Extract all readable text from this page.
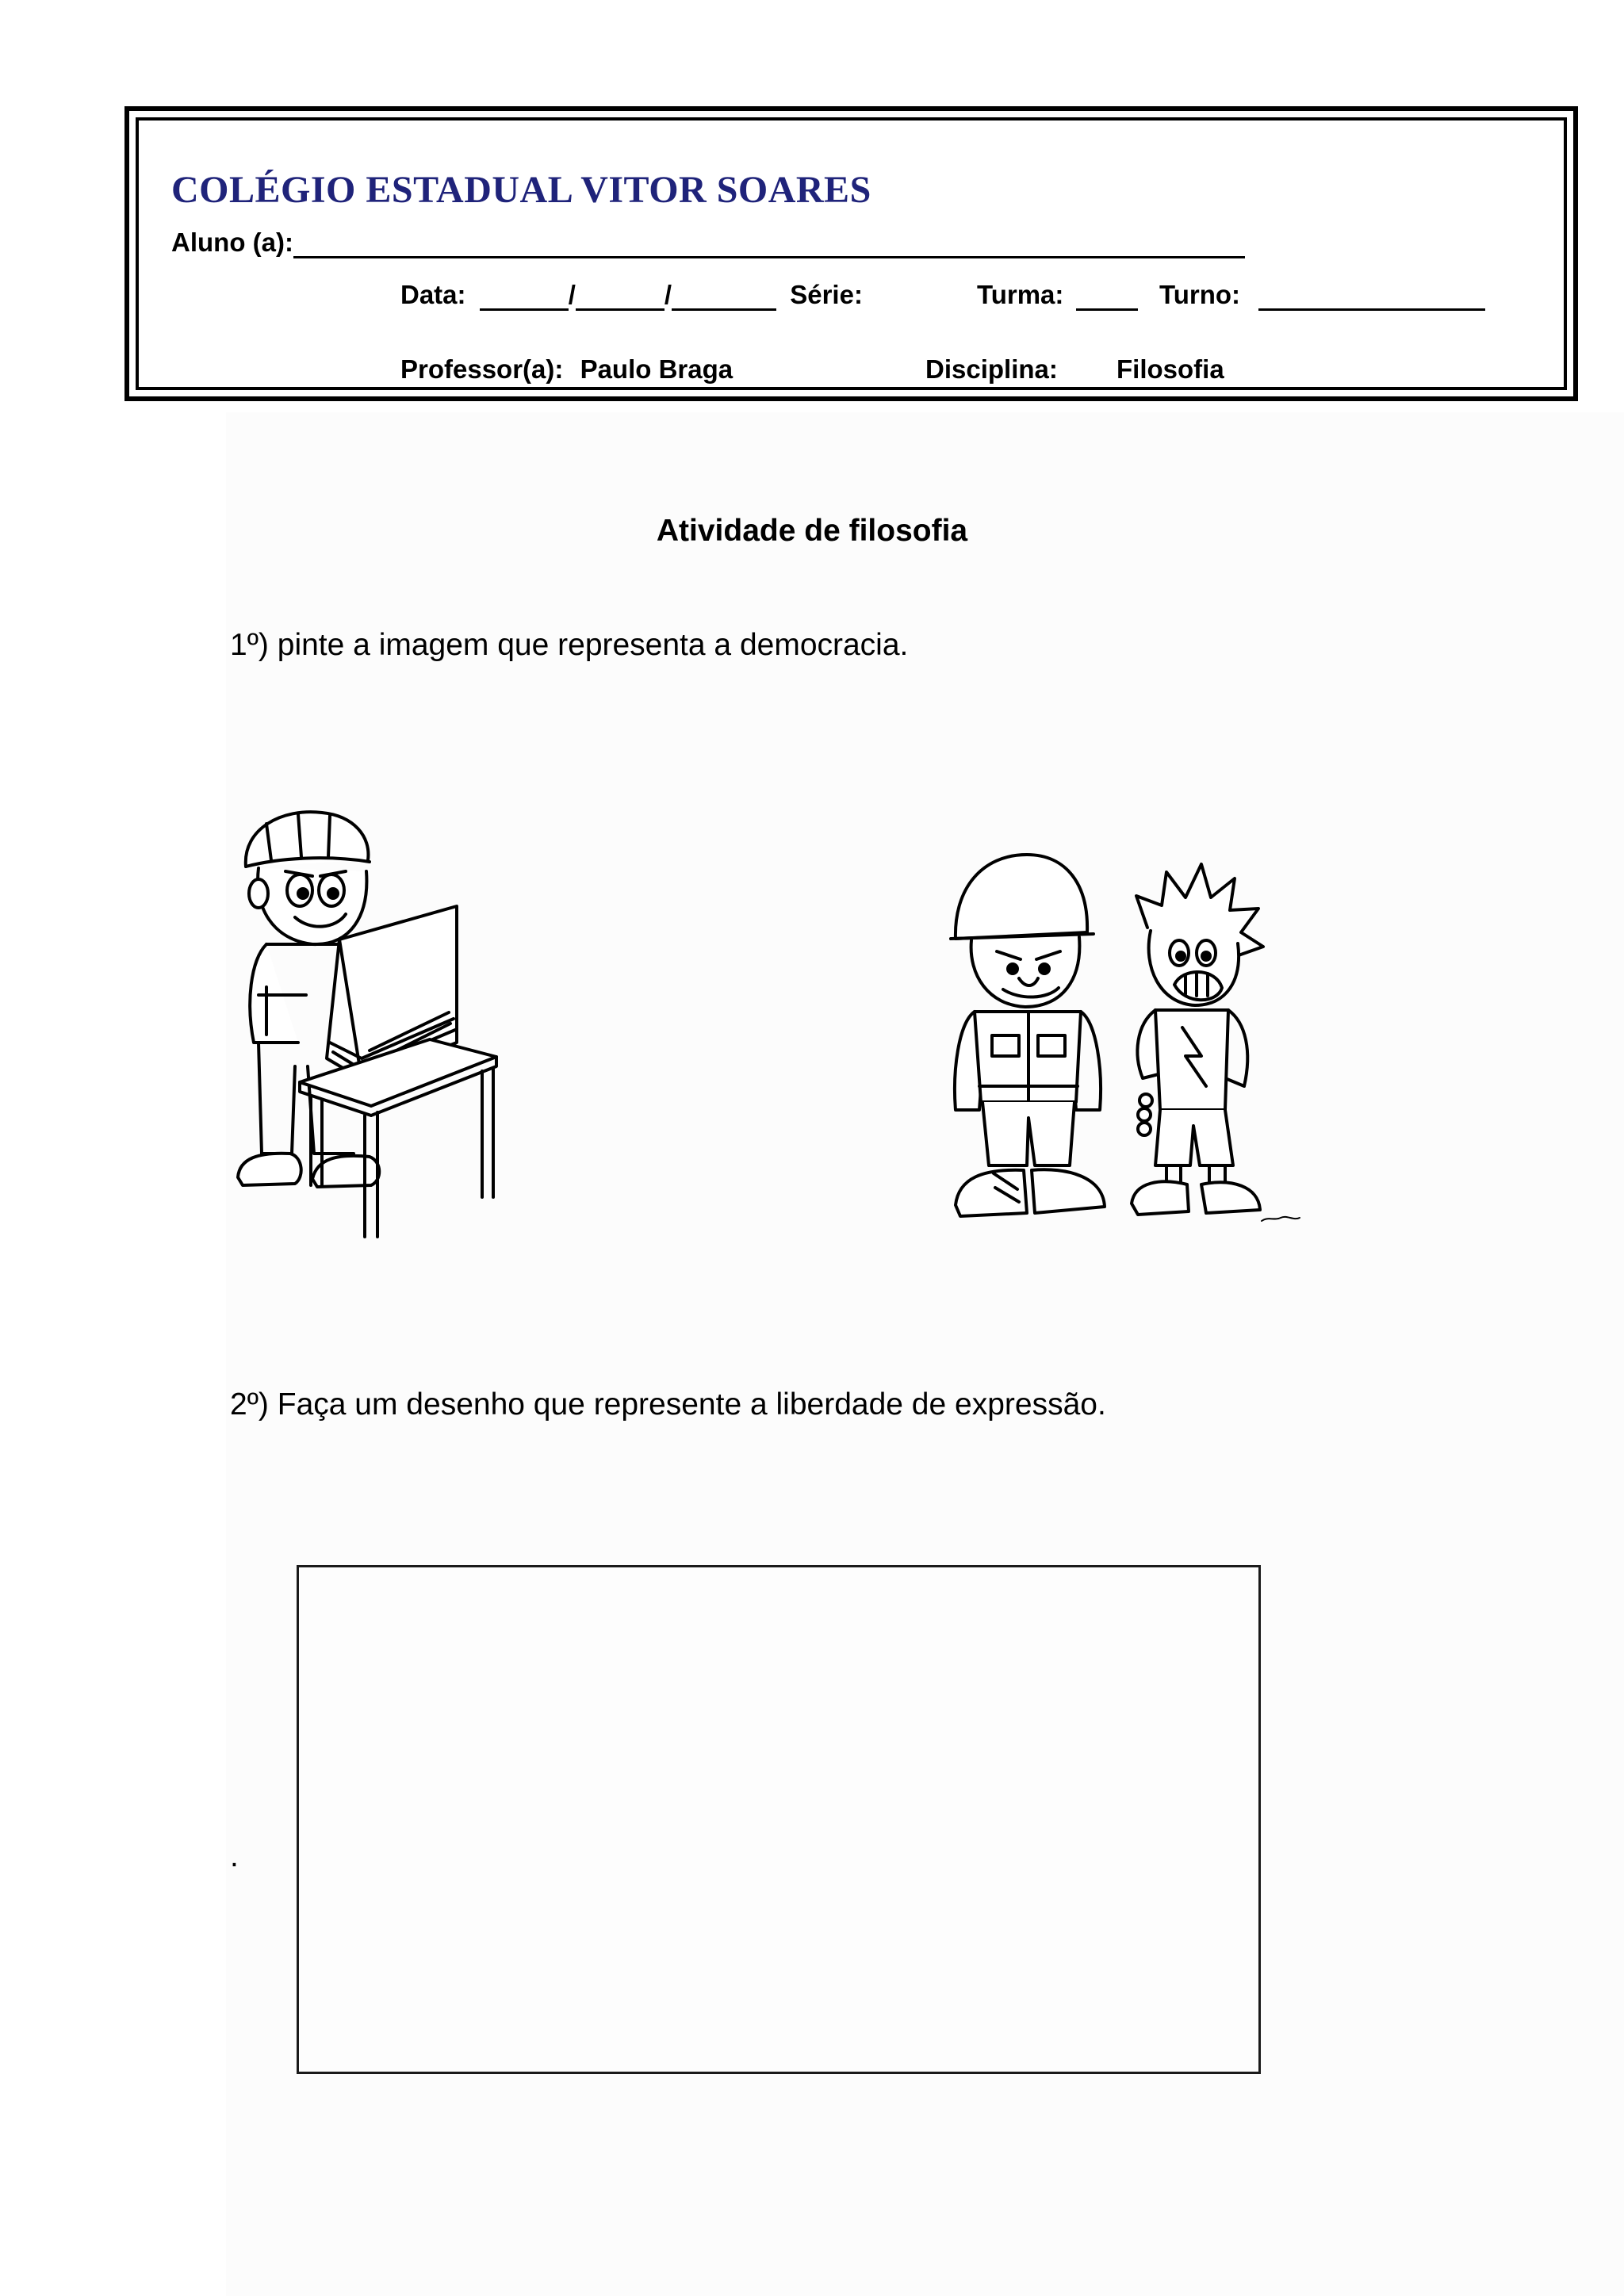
COLÉGIO ESTADUAL VITOR SOARES
Aluno (a):
Data:	/	/	Série:	Turma:	Turno:
Professor(a): Paulo Braga	Disciplina: Filosofia
Atividade de filosofia
1º) pinte a imagem que representa a democracia.
2º) Faça um desenho que represente a liberdade de expressão.
.
